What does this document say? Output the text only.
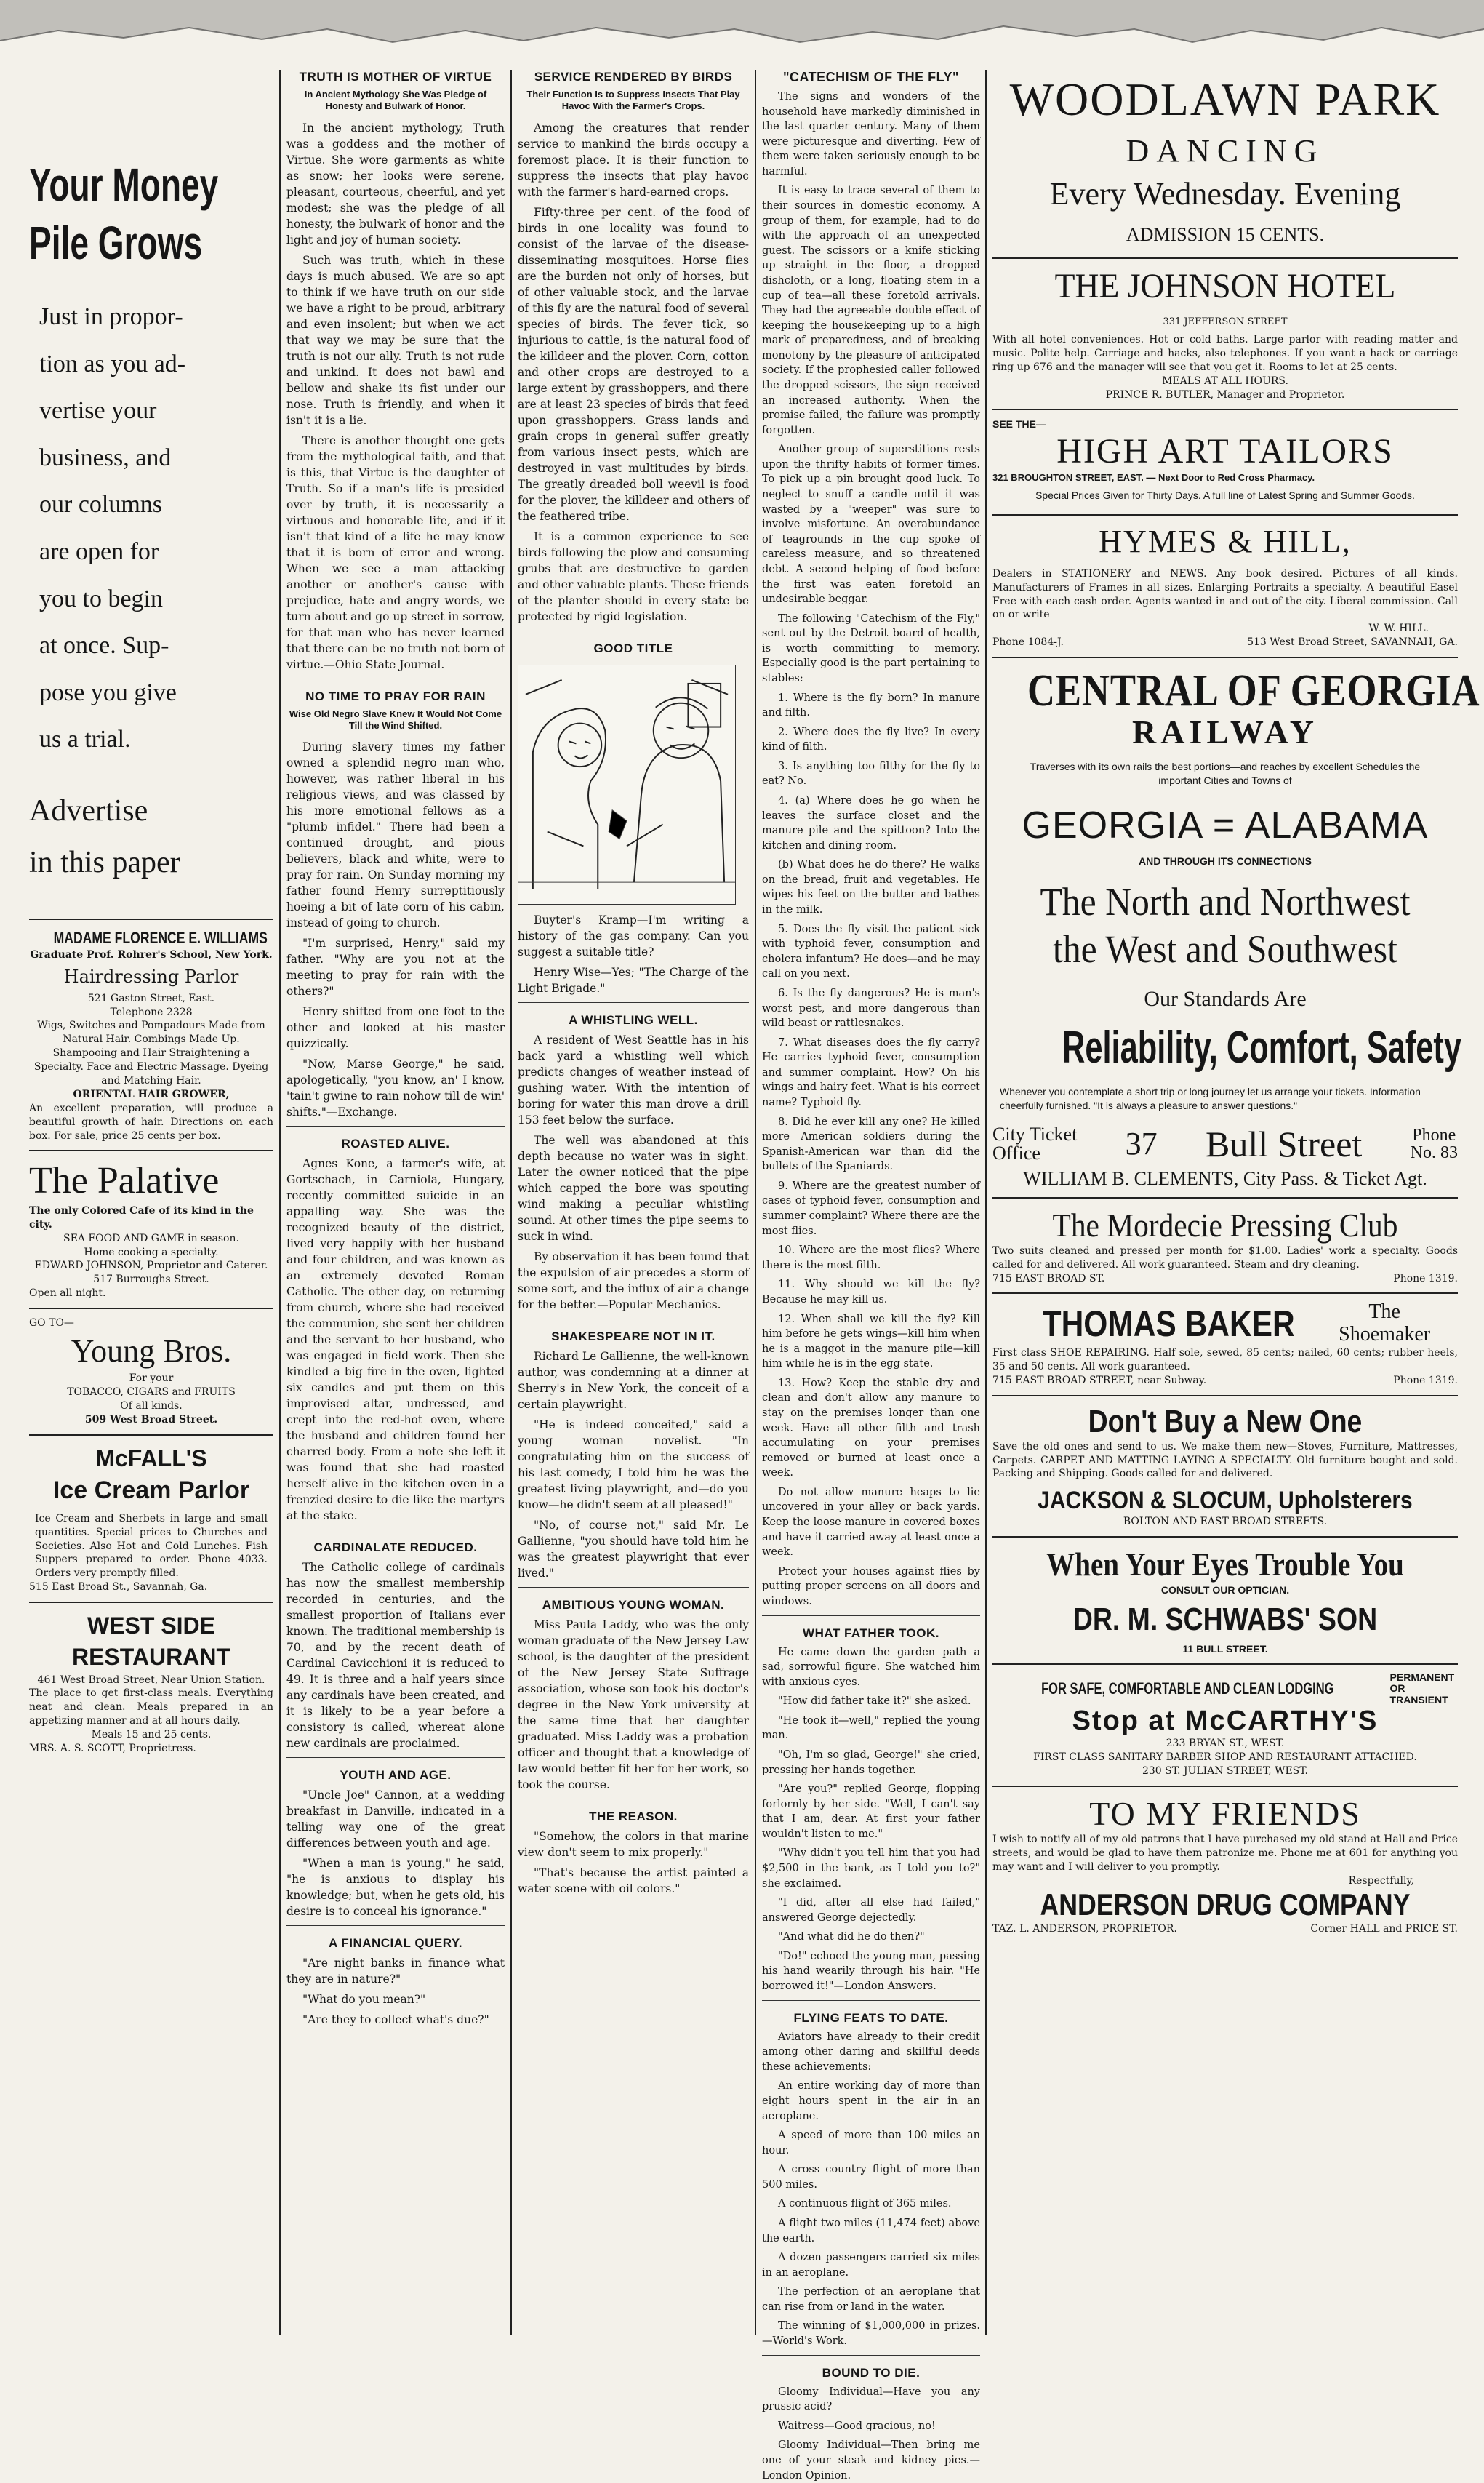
Your Money
Pile Grows
Just in propor-
tion as you ad-
vertise your
business, and
our columns
are open for
you to begin
at once. Sup-
pose you give
us a trial.
Advertise
in this paper
MADAME FLORENCE E. WILLIAMS
Graduate Prof. Rohrer's School, New York.
Hairdressing Parlor
521 Gaston Street, East.
Telephone 2328
Wigs, Switches and Pompadours Made from Natural Hair. Combings Made Up. Shampooing and Hair Straightening a Specialty. Face and Electric Massage. Dyeing and Matching Hair.
ORIENTAL HAIR GROWER,
An excellent preparation, will produce a beautiful growth of hair. Directions on each box. For sale, price 25 cents per box.
The Palative
The only Colored Cafe of its kind in the city.
SEA FOOD AND GAME in season.
Home cooking a specialty.
EDWARD JOHNSON, Proprietor and Caterer.
517 Burroughs Street.
Open all night.
GO TO—
Young Bros.
For your
TOBACCO, CIGARS and FRUITS
Of all kinds.
509 West Broad Street.
McFALL'S
Ice Cream Parlor
Ice Cream and Sherbets in large and small quantities. Special prices to Churches and Societies. Also Hot and Cold Lunches. Fish Suppers prepared to order. Phone 4033. Orders very promptly filled.
515 East Broad St., Savannah, Ga.
WEST SIDE
RESTAURANT
461 West Broad Street, Near Union Station.
The place to get first-class meals. Everything neat and clean. Meals prepared in an appetizing manner and at all hours daily.
Meals 15 and 25 cents.
MRS. A. S. SCOTT, Proprietress.
TRUTH IS MOTHER OF VIRTUE
In Ancient Mythology She Was Pledge of Honesty and Bulwark of Honor.

In the ancient mythology, Truth was a goddess and the mother of Virtue. She wore garments as white as snow; her looks were serene, pleasant, courteous, cheerful, and yet modest; she was the pledge of all honesty, the bulwark of honor and the light and joy of human society.

Such was truth, which in these days is much abused. We are so apt to think if we have truth on our side we have a right to be proud, arbitrary and even insolent; but when we act that way we may be sure that the truth is not our ally. Truth is not rude and unkind. It does not bawl and bellow and shake its fist under our nose. Truth is friendly, and when it isn't it is a lie.

There is another thought one gets from the mythological faith, and that is this, that Virtue is the daughter of Truth. So if a man's life is presided over by truth, it is necessarily a virtuous and honorable life, and if it isn't that kind of a life he may know that it is born of error and wrong. When we see a man attacking another or another's cause with prejudice, hate and angry words, we turn about and go up street in sorrow, for that man who has never learned that there can be no truth not born of virtue.—Ohio State Journal.

NO TIME TO PRAY FOR RAIN
Wise Old Negro Slave Knew It Would Not Come Till the Wind Shifted.

During slavery times my father owned a splendid negro man who, however, was rather liberal in his religious views, and was classed by his more emotional fellows as a "plumb infidel." There had been a continued drought, and pious believers, black and white, were to pray for rain. On Sunday morning my father found Henry surreptitiously hoeing a bit of late corn of his cabin, instead of going to church.

"I'm surprised, Henry," said my father. "Why are you not at the meeting to pray for rain with the others?"

Henry shifted from one foot to the other and looked at his master quizzically.

"Now, Marse George," he said, apologetically, "you know, an' I know, 'tain't gwine to rain nohow till de win' shifts."—Exchange.

ROASTED ALIVE.

Agnes Kone, a farmer's wife, at Gortschach, in Carniola, Hungary, recently committed suicide in an appalling way. She was the recognized beauty of the district, lived very happily with her husband and four children, and was known as an extremely devoted Roman Catholic. The other day, on returning from church, where she had received the communion, she sent her children and the servant to her husband, who was engaged in field work. Then she kindled a big fire in the oven, lighted six candles and put them on this improvised altar, undressed, and crept into the red-hot oven, where the husband and children found her charred body. From a note she left it was found that she had roasted herself alive in the kitchen oven in a frenzied desire to die like the martyrs at the stake.

CARDINALATE REDUCED.

The Catholic college of cardinals has now the smallest membership recorded in centuries, and the smallest proportion of Italians ever known. The traditional membership is 70, and by the recent death of Cardinal Cavicchioni it is reduced to 49. It is three and a half years since any cardinals have been created, and it is likely to be a year before a consistory is called, whereat alone new cardinals are proclaimed.

YOUTH AND AGE.

"Uncle Joe" Cannon, at a wedding breakfast in Danville, indicated in a telling way one of the great differences between youth and age.

"When a man is young," he said, "he is anxious to display his knowledge; but, when he gets old, his desire is to conceal his ignorance."

A FINANCIAL QUERY.

"Are night banks in finance what they are in nature?"

"What do you mean?"

"Are they to collect what's due?"

SERVICE RENDERED BY BIRDS
Their Function Is to Suppress Insects That Play Havoc With the Farmer's Crops.

Among the creatures that render service to mankind the birds occupy a foremost place. It is their function to suppress the insects that play havoc with the farmer's hard-earned crops.

Fifty-three per cent. of the food of birds in one locality was found to consist of the larvae of the disease-disseminating mosquitoes. Horse flies are the burden not only of horses, but of other valuable stock, and the larvae of this fly are the natural food of several species of birds. The fever tick, so injurious to cattle, is the natural food of the killdeer and the plover. Corn, cotton and other crops are destroyed to a large extent by grasshoppers, and there are at least 23 species of birds that feed upon grasshoppers. Grass lands and grain crops in general suffer greatly from various insect pests, which are destroyed in vast multitudes by birds. The greatly dreaded boll weevil is food for the plover, the killdeer and others of the feathered tribe.

It is a common experience to see birds following the plow and consuming grubs that are destructive to garden and other valuable plants. These friends of the planter should in every state be protected by rigid legislation.

GOOD TITLE

Buyter's Kramp—I'm writing a history of the gas company. Can you suggest a suitable title?

Henry Wise—Yes; "The Charge of the Light Brigade."

A WHISTLING WELL.

A resident of West Seattle has in his back yard a whistling well which predicts changes of weather instead of gushing water. With the intention of boring for water this man drove a drill 153 feet below the surface.

The well was abandoned at this depth because no water was in sight. Later the owner noticed that the pipe which capped the bore was spouting wind making a peculiar whistling sound. At other times the pipe seems to suck in wind.

By observation it has been found that the expulsion of air precedes a storm of some sort, and the influx of air a change for the better.—Popular Mechanics.

SHAKESPEARE NOT IN IT.

Richard Le Gallienne, the well-known author, was condemning at a dinner at Sherry's in New York, the conceit of a certain playwright.

"He is indeed conceited," said a young woman novelist. "In congratulating him on the success of his last comedy, I told him he was the greatest living playwright, and—do you know—he didn't seem at all pleased!"

"No, of course not," said Mr. Le Gallienne, "you should have told him he was the greatest playwright that ever lived."

AMBITIOUS YOUNG WOMAN.

Miss Paula Laddy, who was the only woman graduate of the New Jersey Law school, is the daughter of the president of the New Jersey State Suffrage association, whose son took his doctor's degree in the New York university at the same time that her daughter graduated. Miss Laddy was a probation officer and thought that a knowledge of law would better fit her for her work, so took the course.

THE REASON.

"Somehow, the colors in that marine view don't seem to mix properly."

"That's because the artist painted a water scene with oil colors."

"CATECHISM OF THE FLY"

The signs and wonders of the household have markedly diminished in the last quarter century. Many of them were picturesque and diverting. Few of them were taken seriously enough to be harmful.

It is easy to trace several of them to their sources in domestic economy. A group of them, for example, had to do with the approach of an unexpected guest. The scissors or a knife sticking up straight in the floor, a dropped dishcloth, or a long, floating stem in a cup of tea—all these foretold arrivals. They had the agreeable double effect of keeping the housekeeping up to a high mark of preparedness, and of breaking monotony by the pleasure of anticipated society. If the prophesied caller followed the dropped scissors, the sign received an increased authority. When the promise failed, the failure was promptly forgotten.

Another group of superstitions rests upon the thrifty habits of former times. To pick up a pin brought good luck. To neglect to snuff a candle until it was wasted by a "weeper" was sure to involve misfortune. An overabundance of teagrounds in the cup spoke of careless measure, and so threatened debt. A second helping of food before the first was eaten foretold an undesirable beggar.

The following "Catechism of the Fly," sent out by the Detroit board of health, is worth committing to memory. Especially good is the part pertaining to stables:

1. Where is the fly born? In manure and filth.

2. Where does the fly live? In every kind of filth.

3. Is anything too filthy for the fly to eat? No.

4. (a) Where does he go when he leaves the surface closet and the manure pile and the spittoon? Into the kitchen and dining room.

(b) What does he do there? He walks on the bread, fruit and vegetables. He wipes his feet on the butter and bathes in the milk.

5. Does the fly visit the patient sick with typhoid fever, consumption and cholera infantum? He does—and he may call on you next.

6. Is the fly dangerous? He is man's worst pest, and more dangerous than wild beast or rattlesnakes.

7. What diseases does the fly carry? He carries typhoid fever, consumption and summer complaint. How? On his wings and hairy feet. What is his correct name? Typhoid fly.

8. Did he ever kill any one? He killed more American soldiers during the Spanish-American war than did the bullets of the Spaniards.

9. Where are the greatest number of cases of typhoid fever, consumption and summer complaint? Where there are the most flies.

10. Where are the most flies? Where there is the most filth.

11. Why should we kill the fly? Because he may kill us.

12. When shall we kill the fly? Kill him before he gets wings—kill him when he is a maggot in the manure pile—kill him while he is in the egg state.

13. How? Keep the stable dry and clean and don't allow any manure to stay on the premises longer than one week. Have all other filth and trash accumulating on your premises removed or burned at least once a week.

Do not allow manure heaps to lie uncovered in your alley or back yards. Keep the loose manure in covered boxes and have it carried away at least once a week.

Protect your houses against flies by putting proper screens on all doors and windows.

WHAT FATHER TOOK.

He came down the garden path a sad, sorrowful figure. She watched him with anxious eyes.

"How did father take it?" she asked.

"He took it—well," replied the young man.

"Oh, I'm so glad, George!" she cried, pressing her hands together.

"Are you?" replied George, flopping forlornly by her side. "Well, I can't say that I am, dear. At first your father wouldn't listen to me."

"Why didn't you tell him that you had $2,500 in the bank, as I told you to?" she exclaimed.

"I did, after all else had failed," answered George dejectedly.

"And what did he do then?"

"Do!" echoed the young man, passing his hand wearily through his hair. "He borrowed it!"—London Answers.

FLYING FEATS TO DATE.

Aviators have already to their credit among other daring and skillful deeds these achievements:

An entire working day of more than eight hours spent in the air in an aeroplane.

A speed of more than 100 miles an hour.

A cross country flight of more than 500 miles.

A continuous flight of 365 miles.

A flight two miles (11,474 feet) above the earth.

A dozen passengers carried six miles in an aeroplane.

The perfection of an aeroplane that can rise from or land in the water.

The winning of $1,000,000 in prizes.—World's Work.

BOUND TO DIE.

Gloomy Individual—Have you any prussic acid?

Waitress—Good gracious, no!

Gloomy Individual—Then bring me one of your steak and kidney pies.—London Opinion.

WOODLAWN PARK
DANCING
Every Wednesday. Evening
ADMISSION 15 CENTS.
THE JOHNSON HOTEL
331 JEFFERSON STREET
With all hotel conveniences. Hot or cold baths. Large parlor with reading matter and music. Polite help. Carriage and hacks, also telephones. If you want a hack or carriage ring up 676 and the manager will see that you get it. Rooms to let at 25 cents.
MEALS AT ALL HOURS.
PRINCE R. BUTLER, Manager and Proprietor.
SEE THE—
HIGH ART TAILORS
321 BROUGHTON STREET, EAST. — Next Door to Red Cross Pharmacy.
Special Prices Given for Thirty Days. A full line of Latest Spring and Summer Goods.
HYMES & HILL,
Dealers in STATIONERY and NEWS. Any book desired. Pictures of all kinds. Manufacturers of Frames in all sizes. Enlarging Portraits a specialty. A beautiful Easel Free with each cash order. Agents wanted in and out of the city. Liberal commission. Call on or write
W. W. HILL.
Phone 1084-J.	513 West Broad Street, SAVANNAH, GA.
CENTRAL OF GEORGIA
RAILWAY
Traverses with its own rails the best portions—and reaches by excellent Schedules the important Cities and Towns of
GEORGIA = ALABAMA
AND THROUGH ITS CONNECTIONS
The North and Northwest
the West and Southwest
Our Standards Are
Reliability, Comfort, Safety
Whenever you contemplate a short trip or long journey let us arrange your tickets. Information cheerfully furnished. "It is always a pleasure to answer questions."
City Ticket
Office	37 Bull Street	Phone
No. 83
WILLIAM B. CLEMENTS, City Pass. & Ticket Agt.
The Mordecie Pressing Club
Two suits cleaned and pressed per month for $1.00. Ladies' work a specialty. Goods called for and delivered. All work guaranteed. Steam and dry cleaning.
715 EAST BROAD ST.	Phone 1319.
THOMAS BAKER	The
Shoemaker
First class SHOE REPAIRING. Half sole, sewed, 85 cents; nailed, 60 cents; rubber heels, 35 and 50 cents. All work guaranteed.
715 EAST BROAD STREET, near Subway.	Phone 1319.
Don't Buy a New One
Save the old ones and send to us. We make them new—Stoves, Furniture, Mattresses, Carpets. CARPET AND MATTING LAYING A SPECIALTY. Old furniture bought and sold. Packing and Shipping. Goods called for and delivered.
JACKSON & SLOCUM, Upholsterers
BOLTON AND EAST BROAD STREETS.
When Your Eyes Trouble You
CONSULT OUR OPTICIAN.
DR. M. SCHWABS' SON
11 BULL STREET.
FOR SAFE, COMFORTABLE AND CLEAN LODGING
PERMANENT
OR TRANSIENT
Stop at McCARTHY'S
233 BRYAN ST., WEST.
FIRST CLASS SANITARY BARBER SHOP AND RESTAURANT ATTACHED.
230 ST. JULIAN STREET, WEST.
TO MY FRIENDS
I wish to notify all of my old patrons that I have purchased my old stand at Hall and Price streets, and would be glad to have them patronize me. Phone me at 601 for anything you may want and I will deliver to you promptly.
Respectfully,
ANDERSON DRUG COMPANY
TAZ. L. ANDERSON, PROPRIETOR.	Corner HALL and PRICE ST.
